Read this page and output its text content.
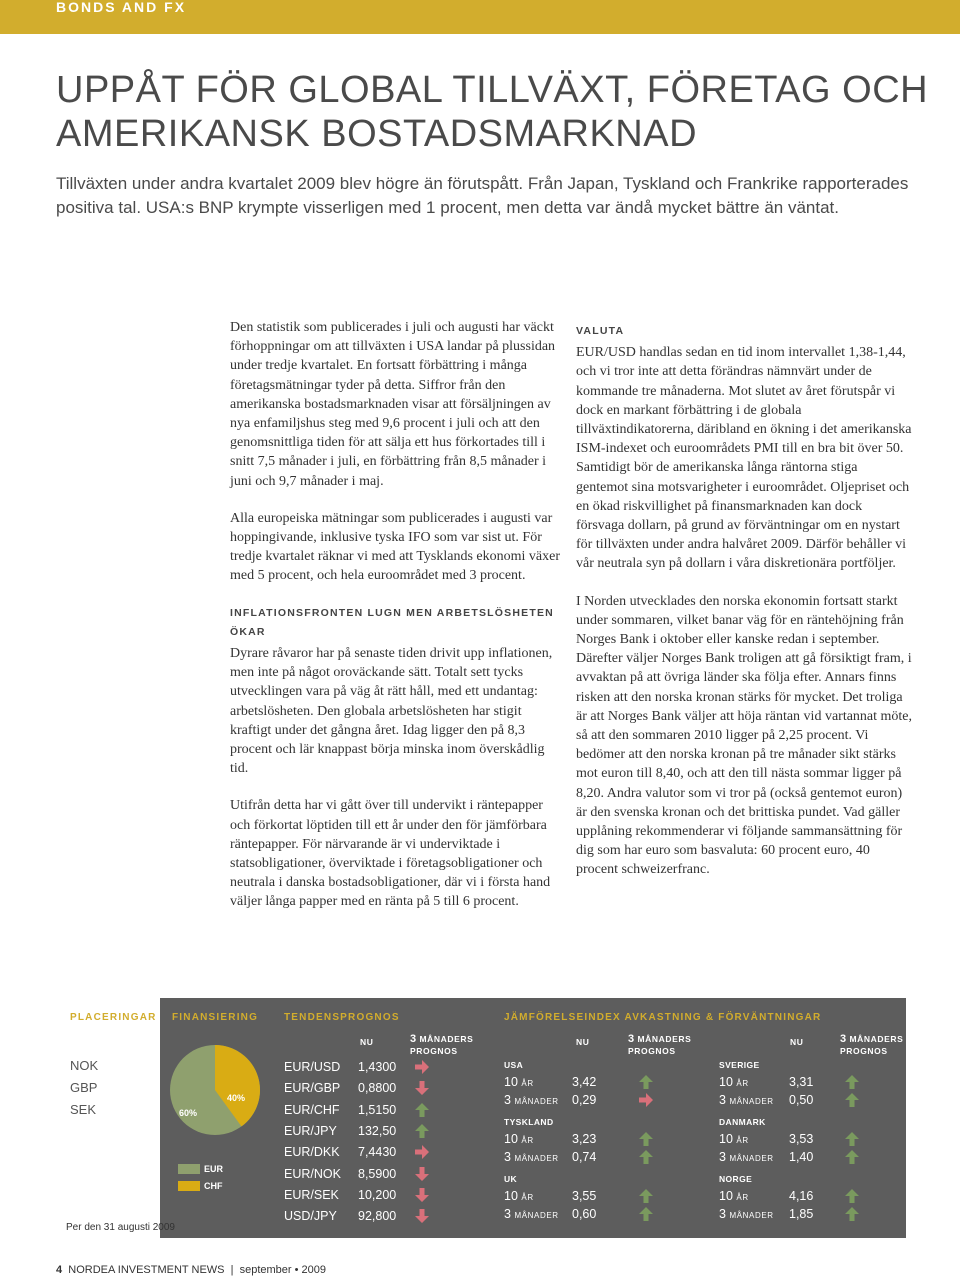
BONDS AND FX
UPPÅT FÖR GLOBAL TILLVÄXT, FÖRETAG OCH AMERIKANSK BOSTADSMARKNAD

Tillväxten under andra kvartalet 2009 blev högre än förutspått. Från Japan, Tyskland och Frankrike rapporterades positiva tal. USA:s BNP krympte visserligen med 1 procent, men detta var ändå mycket bättre än väntat.

Den statistik som publicerades i juli och augusti har väckt förhoppningar om att tillväxten i USA landar på plussidan under tredje kvartalet. En fortsatt förbättring i många företagsmätningar tyder på detta. Siffror från den amerikanska bostadsmarknaden visar att försäljningen av nya enfamiljshus steg med 9,6 procent i juli och att den genomsnittliga tiden för att sälja ett hus förkortades till i snitt 7,5 månader i juli, en förbättring från 8,5 månader i juni och 9,7 månader i maj.

Alla europeiska mätningar som publicerades i augusti var hoppingivande, inklusive tyska IFO som var sist ut. För tredje kvartalet räknar vi med att Tysklands ekonomi växer med 5 procent, och hela euroområdet med 3 procent.

INFLATIONSFRONTEN LUGN MEN ARBETSLÖSHETEN ÖKAR

Dyrare råvaror har på senaste tiden drivit upp inflationen, men inte på något oroväckande sätt. Totalt sett tycks utvecklingen vara på väg åt rätt håll, med ett undantag: arbetslösheten. Den globala arbetslösheten har stigit kraftigt under det gångna året. Idag ligger den på 8,3 procent och lär knappast börja minska inom överskådlig tid.

Utifrån detta har vi gått över till undervikt i räntepapper och förkortat löptiden till ett år under den för jämförbara räntepapper. För närvarande är vi underviktade i statsobligationer, överviktade i företagsobligationer och neutrala i danska bostadsobligationer, där vi i första hand väljer långa papper med en ränta på 5 till 6 procent.

VALUTA

EUR/USD handlas sedan en tid inom intervallet 1,38-1,44, och vi tror inte att detta förändras nämnvärt under de kommande tre månaderna. Mot slutet av året förutspår vi dock en markant förbättring i de globala tillväxtindikatorerna, däribland en ökning i det amerikanska ISM-indexet och euroområdets PMI till en bra bit över 50. Samtidigt bör de amerikanska långa räntorna stiga gentemot sina motsvarigheter i euroområdet. Oljepriset och en ökad riskvillighet på finansmarknaden kan dock försvaga dollarn, på grund av förväntningar om en nystart för tillväxten under andra halvåret 2009. Därför behåller vi vår neutrala syn på dollarn i våra diskretionära portföljer.

I Norden utvecklades den norska ekonomin fortsatt starkt under sommaren, vilket banar väg för en räntehöjning från Norges Bank i oktober eller kanske redan i september. Därefter väljer Norges Bank troligen att gå försiktigt fram, i avvaktan på att övriga länder ska följa efter. Annars finns risken att den norska kronan stärks för mycket. Det troliga är att Norges Bank väljer att höja räntan vid vartannat möte, så att den sommaren 2010 ligger på 2,25 procent. Vi bedömer att den norska kronan på tre månader sikt stärks mot euron till 8,40, och att den till nästa sommar ligger på 8,20. Andra valutor som vi tror på (också gentemot euron) är den svenska kronan och det brittiska pundet. Vad gäller upplåning rekommenderar vi följande sammansättning för dig som har euro som basvaluta: 60 procent euro, 40 procent schweizerfranc.

PLACERINGAR
NOK
GBP
SEK
Per den 31 augusti 2009
FINANSIERING
60%
40%
EUR
CHF
TENDENSPROGNOS
NU	3 MÅNADERS PROGNOS
EUR/USD 1,4300
EUR/GBP 0,8800
EUR/CHF 1,5150
EUR/JPY 132,50
EUR/DKK 7,4430
EUR/NOK 8,5900
EUR/SEK 10,200
USD/JPY 92,800
JÄMFÖRELSEINDEX AVKASTNING & FÖRVÄNTNINGAR
NU	3 MÅNADERS PROGNOS
NU	3 MÅNADERS PROGNOS
USA
10 ÅR	3,42
3 MÅNADER 0,29
TYSKLAND
10 ÅR	3,23
3 MÅNADER 0,74
UK
10 ÅR	3,55
3 MÅNADER 0,60
SVERIGE
10 ÅR	3,31
3 MÅNADER 0,50
DANMARK
10 ÅR	3,53
3 MÅNADER 1,40
NORGE
10 ÅR	4,16
3 MÅNADER 1,85
4 NORDEA INVESTMENT NEWS  |  september • 2009
